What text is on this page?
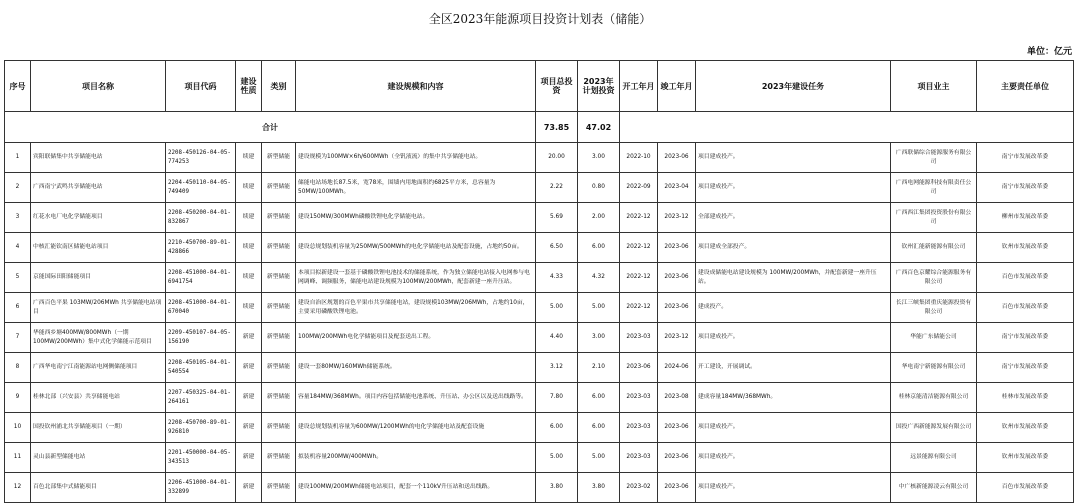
全区2023年能源项目投资计划表（储能）
单位：亿元
序号	项目名称	项目代码	建设性质	类别	建设规模和内容	项目总投资	2023年计划投资	开工年月	竣工年月	2023年建设任务	项目业主	主要责任单位
合计						73.85	47.02					
1	宾阳联储集中共享储能电站	2208-450126-04-05-774253	续建	新型储能	建设规模为100MW×6h/600MWh（全钒液流）的集中共享储能电站。	20.00	3.00	2022-10	2023-06	项目建成投产。	广西联储综合能源服务有限公司	南宁市发展改革委
2	广西南宁武鸣共享储能电站	2204-450110-04-05-749409	续建	新型储能	储能电站场地长87.5米，宽78米，围墙内用地面积约6825平方米，总容量为50MW/100MWh。	2.22	0.80	2022-09	2023-04	项目建成投产。	广西电网能源科技有限责任公司	南宁市发展改革委
3	红花水电厂电化学储能项目	2208-450200-04-01-832867	续建	新型储能	建设150MW/300MWh磷酸铁锂电化学储能电站。	5.69	2.00	2022-12	2023-12	全部建成投产。	广西西江集团投资股份有限公司	柳州市发展改革委
4	中核汇能钦南区储能电站项目	2210-450700-89-01-428866	续建	新型储能	建设总规划装机容量为250MW/500MWh的电化学储能电站及配套设施，占地约50亩。	6.50	6.00	2022-12	2023-06	项目建成全部投产。	钦州汇能新能源有限公司	钦州市发展改革委
5	京能国际田阳储能项目	2208-451000-04-01-6941754	续建	新型储能	本项目拟新建设一套基于磷酸铁锂电池技术的储能系统，作为独立储能电站接入电网参与电网调峰、调频服务，储能电站建设规模为100MW/200MWh，配套新建一座升压站。	4.33	4.32	2022-12	2023-06	建设成储能电站建设规模为 100MW/200MWh，并配套新建一座升压站。	广西百色京耀综合能源服务有限公司	百色市发展改革委
6	广西百色平果 103MW/206MWh 共享储能电站项目	2208-451000-04-01-670040	续建	新型储能	建设自治区规划的百色平果市共享储能电站，建设规模103MW/206MWh，占地约10亩，主要采用磷酸铁锂电池。	5.00	5.00	2022-12	2023-06	建成投产。	长江三峡集团重庆能源投资有限公司	百色市发展改革委
7	华能西乡塘400MW/800MWh（一期100MW/200MWh）集中式化学储能示范项目	2209-450107-04-05-156190	新建	新型储能	100MW/200MWh电化学储能项目及配套送出工程。	4.40	3.00	2023-03	2023-12	项目建成投产。	华能广东储能公司	南宁市发展改革委
8	广西华电南宁江南能源站电网侧储能项目	2208-450105-04-01-540554	新建	新型储能	建设一套80MW/160MWh储能系统。	3.12	2.10	2023-06	2024-06	开工建设，开展调试。	华电南宁新能源有限公司	南宁市发展改革委
9	桂林北部（兴安县）共享储能电站	2207-450325-04-01-264161	新建	新型储能	容量184MW/368MWh。项目内容包括储能电池系统、升压站、办公区以及送出线路等。	7.80	6.00	2023-03	2023-08	建成容量184MW/368MWh。	桂林京能清洁能源有限公司	桂林市发展改革委
10	国投钦州浦北共享储能项目（一期）	2208-450700-89-01-926810	新建	新型储能	建设总规划装机容量为600MW/1200MWh的电化学储能电站及配套设施	6.00	6.00	2023-03	2023-06	项目建成投产。	国投广西新能源发展有限公司	钦州市发展改革委
11	灵山县新型储能电站	2201-450000-04-05-343513	新建	新型储能	拟装机容量200MW/400MWh。	5.00	5.00	2023-03	2023-06	项目建成投产。	远景能源有限公司	钦州市发展改革委
12	百色北部集中式储能项目	2206-451000-04-01-332899	新建	新型储能	建设100MW/200MWh储能电站项目，配套一个110kV升压站和送出线路。	3.80	3.80	2023-02	2023-06	项目建成投产。	中广核新能源凌云有限公司	百色市发展改革委
